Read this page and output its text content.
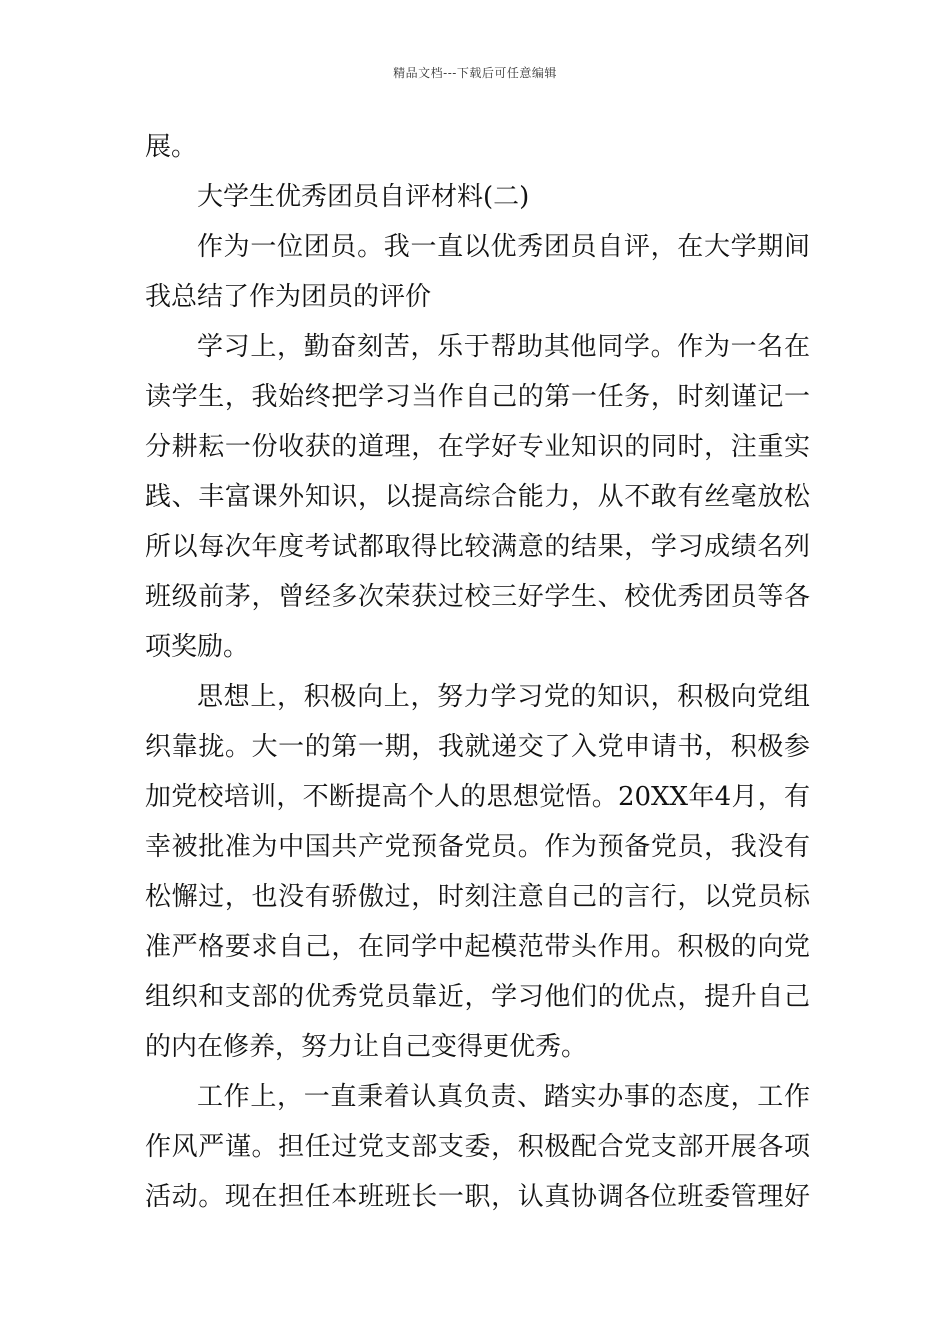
精品文档---下载后可任意编辑
展。
大学生优秀团员自评材料(二)
作为一位团员。我一直以优秀团员自评，在大学期间
我总结了作为团员的评价
学习上，勤奋刻苦，乐于帮助其他同学。作为一名在
读学生，我始终把学习当作自己的第一任务，时刻谨记一
分耕耘一份收获的道理，在学好专业知识的同时，注重实
践、丰富课外知识，以提高综合能力，从不敢有丝毫放松
所以每次年度考试都取得比较满意的结果，学习成绩名列
班级前茅，曾经多次荣获过校三好学生、校优秀团员等各
项奖励。
思想上，积极向上，努力学习党的知识，积极向党组
织靠拢。大一的第一期，我就递交了入党申请书，积极参
加党校培训，不断提高个人的思想觉悟。20XX年4月，有
幸被批准为中国共产党预备党员。作为预备党员，我没有
松懈过，也没有骄傲过，时刻注意自己的言行，以党员标
准严格要求自己，在同学中起模范带头作用。积极的向党
组织和支部的优秀党员靠近，学习他们的优点，提升自己
的内在修养，努力让自己变得更优秀。
工作上，一直秉着认真负责、踏实办事的态度，工作
作风严谨。担任过党支部支委，积极配合党支部开展各项
活动。现在担任本班班长一职，认真协调各位班委管理好
